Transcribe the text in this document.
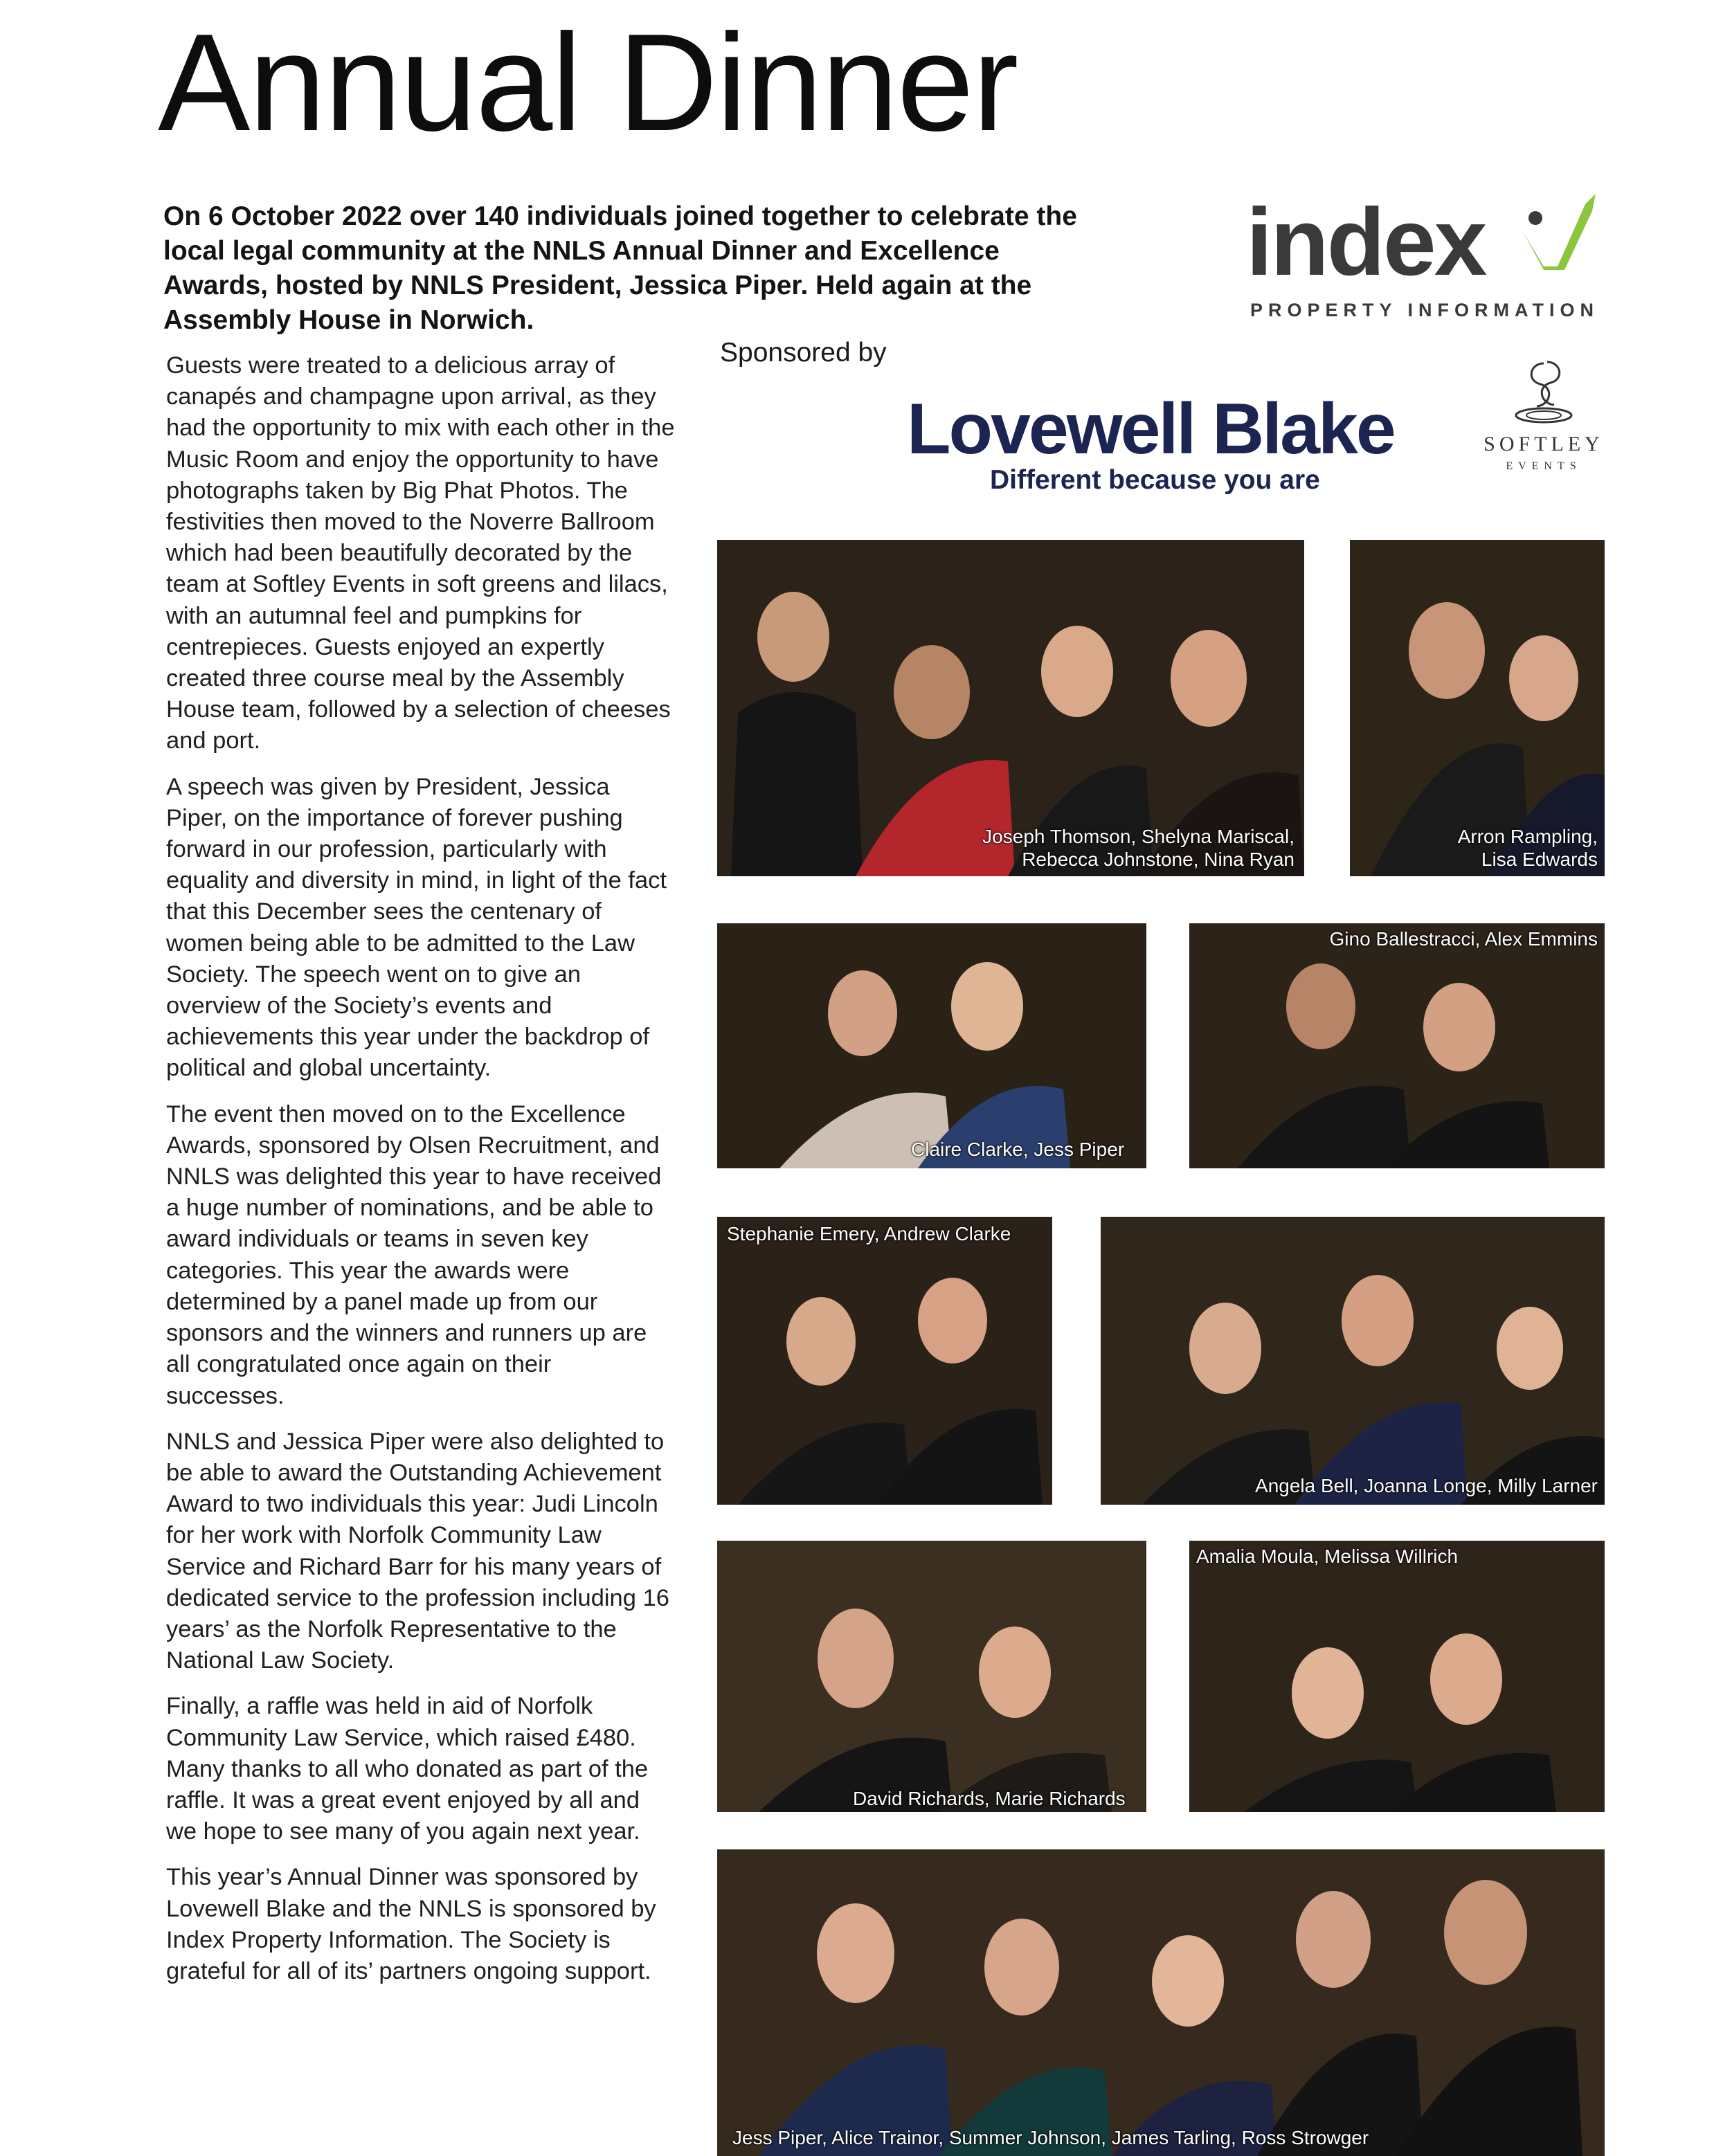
Annual Dinner
On 6 October 2022 over 140 individuals joined together to celebrate the
local legal community at the NNLS Annual Dinner and Excellence
Awards, hosted by NNLS President, Jessica Piper. Held again at the
Assembly House in Norwich.

Guests were treated to a delicious array of canapés and champagne upon arrival, as they had the opportunity to mix with each other in the Music Room and enjoy the opportunity to have photographs taken by Big Phat Photos. The festivities then moved to the Noverre Ballroom which had been beautifully decorated by the team at Softley Events in soft greens and lilacs, with an autumnal feel and pumpkins for centrepieces. Guests enjoyed an expertly created three course meal by the Assembly House team, followed by a selection of cheeses and port.

A speech was given by President, Jessica Piper, on the importance of forever pushing forward in our profession, particularly with equality and diversity in mind, in light of the fact that this December sees the centenary of women being able to be admitted to the Law Society. The speech went on to give an overview of the Society’s events and achievements this year under the backdrop of political and global uncertainty.

The event then moved on to the Excellence Awards, sponsored by Olsen Recruitment, and NNLS was delighted this year to have received a huge number of nominations, and be able to award individuals or teams in seven key categories. This year the awards were determined by a panel made up from our sponsors and the winners and runners up are all congratulated once again on their successes.

NNLS and Jessica Piper were also delighted to be able to award the Outstanding Achievement Award to two individuals this year: Judi Lincoln for her work with Norfolk Community Law Service and Richard Barr for his many years of dedicated service to the profession including 16 years’ as the Norfolk Representative to the National Law Society.

Finally, a raffle was held in aid of Norfolk Community Law Service, which raised £480. Many thanks to all who donated as part of the raffle. It was a great event enjoyed by all and we hope to see many of you again next year.

This year’s Annual Dinner was sponsored by Lovewell Blake and the NNLS is sponsored by Index Property Information. The Society is grateful for all of its’ partners ongoing support.

index
PROPERTY INFORMATION
Sponsored by
Lovewell Blake
Different because you are
SOFTLEY
EVENTS
Joseph Thomson, Shelyna Mariscal,
Rebecca Johnstone, Nina Ryan
Arron Rampling,
Lisa Edwards
Claire Clarke, Jess Piper
Gino Ballestracci, Alex Emmins
Stephanie Emery, Andrew Clarke
Angela Bell, Joanna Longe, Milly Larner
David Richards, Marie Richards
Amalia Moula, Melissa Willrich
Jess Piper, Alice Trainor, Summer Johnson, James Tarling, Ross Strowger
